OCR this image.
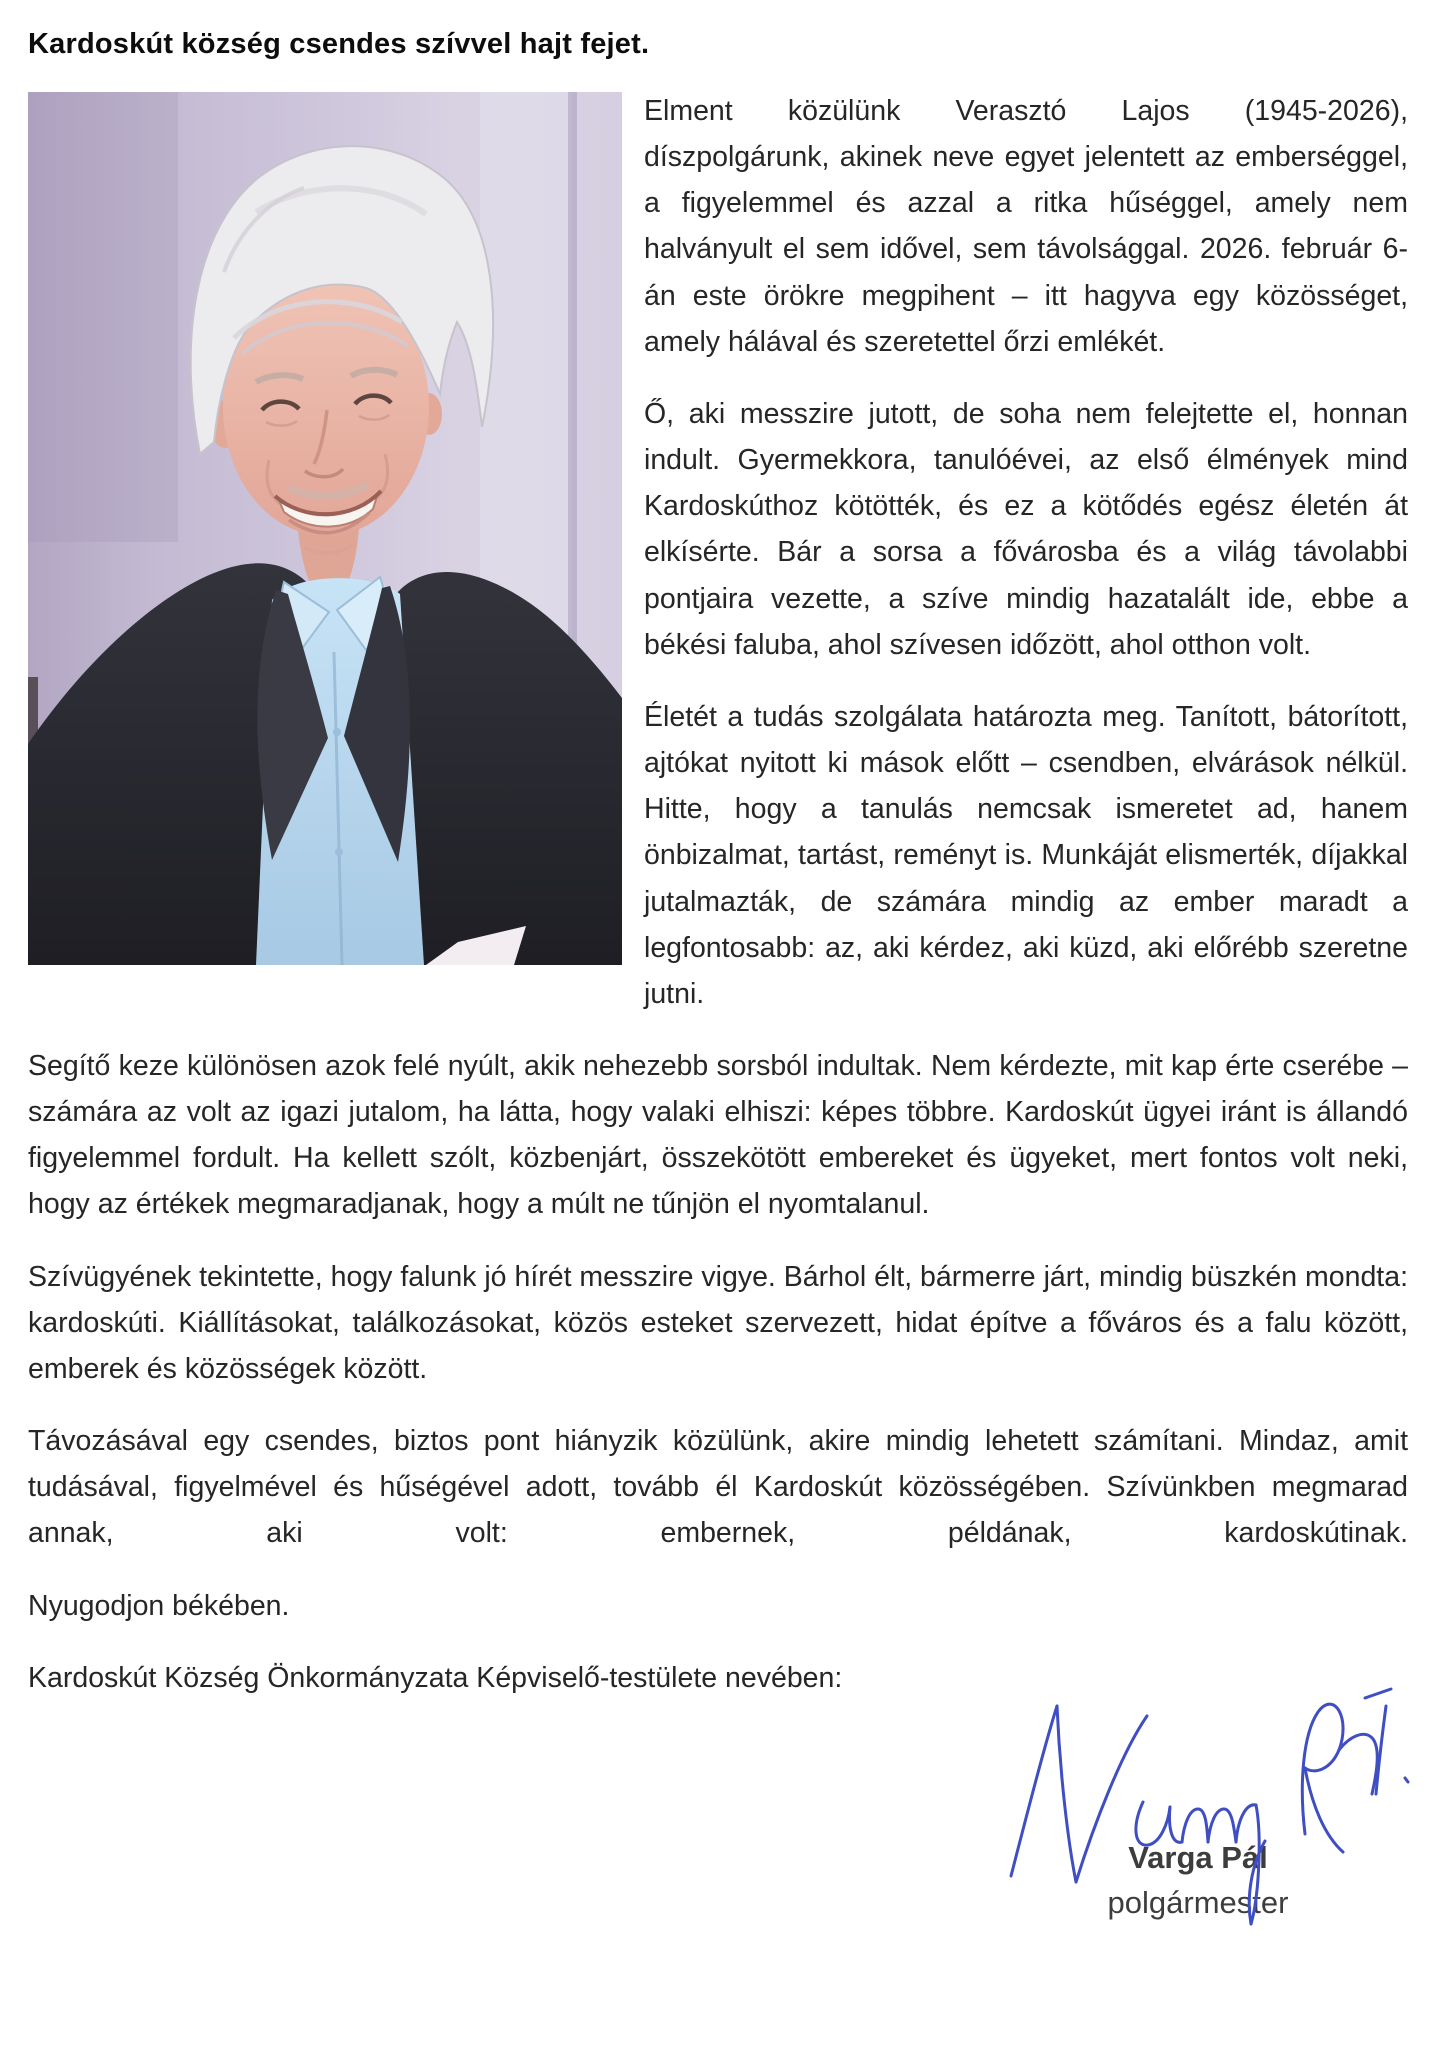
Kardoskút község csendes szívvel hajt fejet.

Elment közülünk Verasztó Lajos (1945-2026), díszpolgárunk, akinek neve egyet jelentett az emberséggel, a figyelemmel és azzal a ritka hűséggel, amely nem halványult el sem idővel, sem távolsággal. 2026. február 6-án este örökre megpihent – itt hagyva egy közösséget, amely hálával és szeretettel őrzi emlékét.

Ő, aki messzire jutott, de soha nem felejtette el, honnan indult. Gyermekkora, tanulóévei, az első élmények mind Kardoskúthoz kötötték, és ez a kötődés egész életén át elkísérte. Bár a sorsa a fővárosba és a világ távolabbi pontjaira vezette, a szíve mindig hazatalált ide, ebbe a békési faluba, ahol szívesen időzött, ahol otthon volt.

Életét a tudás szolgálata határozta meg. Tanított, bátorított, ajtókat nyitott ki mások előtt – csendben, elvárások nélkül. Hitte, hogy a tanulás nemcsak ismeretet ad, hanem önbizalmat, tartást, reményt is. Munkáját elismerték, díjakkal jutalmazták, de számára mindig az ember maradt a legfontosabb: az, aki kérdez, aki küzd, aki előrébb szeretne jutni.

Segítő keze különösen azok felé nyúlt, akik nehezebb sorsból indultak. Nem kérdezte, mit kap érte cserébe – számára az volt az igazi jutalom, ha látta, hogy valaki elhiszi: képes többre. Kardoskút ügyei iránt is állandó figyelemmel fordult. Ha kellett szólt, közbenjárt, összekötött embereket és ügyeket, mert fontos volt neki, hogy az értékek megmaradjanak, hogy a múlt ne tűnjön el nyomtalanul.

Szívügyének tekintette, hogy falunk jó hírét messzire vigye. Bárhol élt, bármerre járt, mindig büszkén mondta: kardoskúti. Kiállításokat, találkozásokat, közös esteket szervezett, hidat építve a főváros és a falu között, emberek és közösségek között.

Távozásával egy csendes, biztos pont hiányzik közülünk, akire mindig lehetett számítani. Mindaz, amit tudásával, figyelmével és hűségével adott, tovább él Kardoskút közösségében. Szívünkben megmarad annak, aki volt: embernek, példának, kardoskútinak.

Nyugodjon békében.

Kardoskút Község Önkormányzata Képviselő-testülete nevében:

Varga Pál
polgármester
